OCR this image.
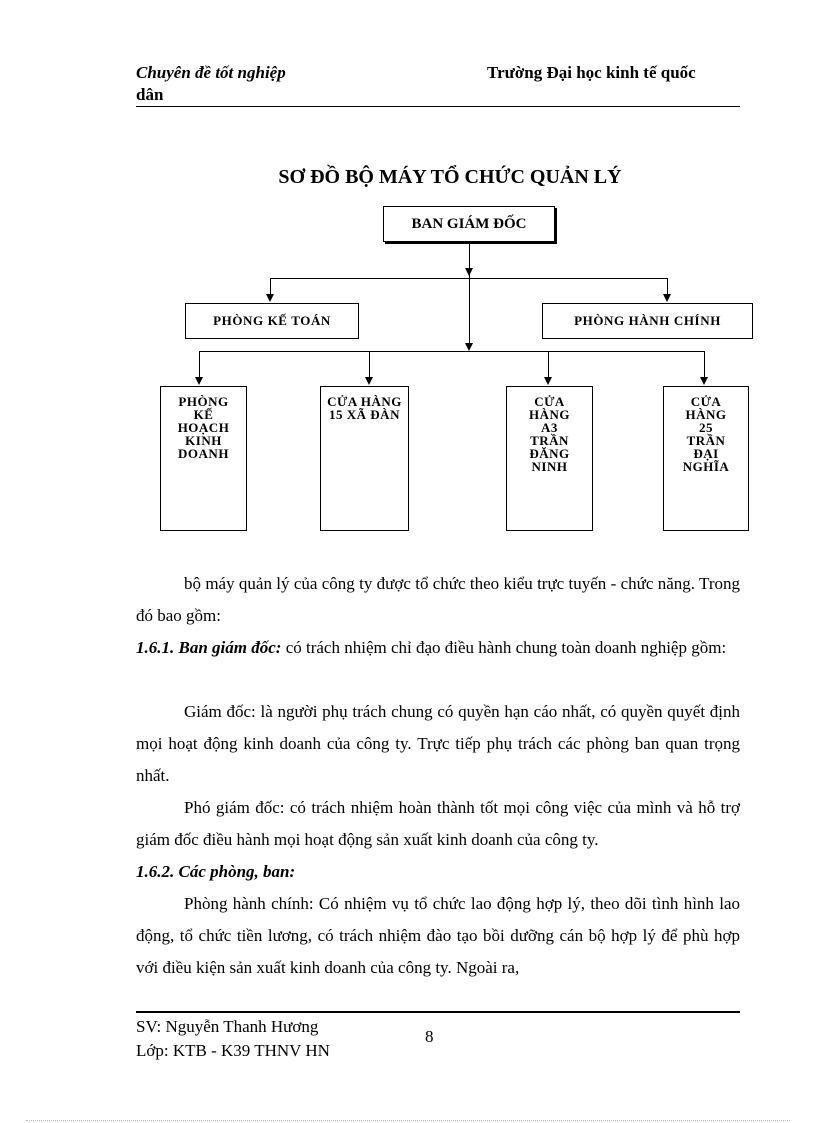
Chuyên đề tốt nghiệp
dân
Trường Đại học kinh tế quốc
SƠ ĐỒ BỘ MÁY TỔ CHỨC QUẢN LÝ
BAN GIÁM ĐỐC
PHÒNG KẾ TOÁN	PHÒNG HÀNH CHÍNH
PHÒNG KẾ HOẠCH KINH DOANH
CỬA HÀNG 15 XÃ ĐÀN
CỬA HÀNG A3 TRẦN ĐĂNG NINH
CỬA HÀNG 25 TRẦN ĐẠI NGHĨA
bộ máy quản lý của công ty được tổ chức theo kiểu trực tuyến - chức năng. Trong đó bao gồm:
1.6.1. Ban giám đốc: có trách nhiệm chỉ đạo điều hành chung toàn doanh nghiệp gồm:
Giám đốc: là người phụ trách chung có quyền hạn cáo nhất, có quyền quyết định mọi hoạt động kinh doanh của công ty. Trực tiếp phụ trách các phòng ban quan trọng nhất.
Phó giám đốc: có trách nhiệm hoàn thành tốt mọi công việc của mình và hỗ trợ giám đốc điều hành mọi hoạt động sản xuất kinh doanh của công ty.
1.6.2. Các phòng, ban:
Phòng hành chính: Có nhiệm vụ tổ chức lao động hợp lý, theo dõi tình hình lao động, tổ chức tiền lương, có trách nhiệm đào tạo bồi dưỡng cán bộ hợp lý để phù hợp với điều kiện sản xuất kinh doanh của công ty. Ngoài ra,
SV: Nguyễn Thanh Hương
Lớp: KTB - K39 THNV HN
8
